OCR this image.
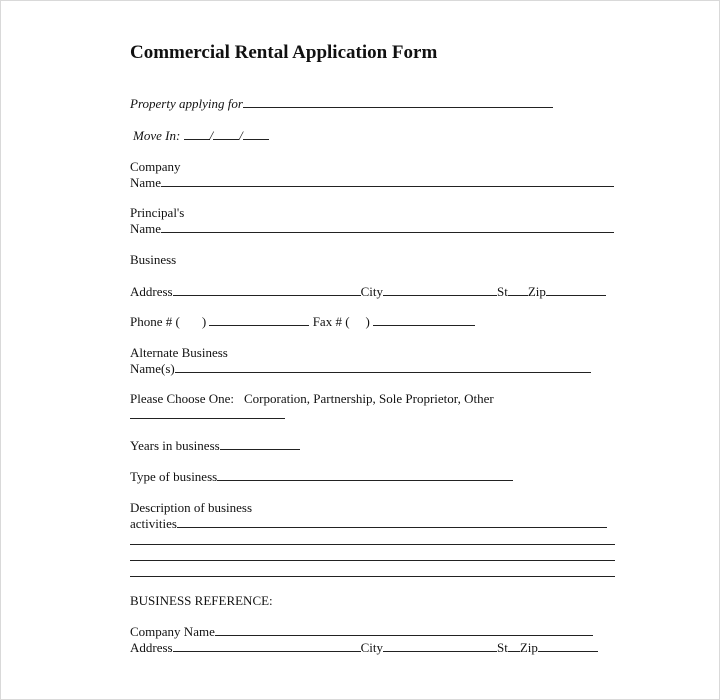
Commercial Rental Application Form
Property applying for
Move In: / /
Company
Name
Principal's
Name
Business
Address	City	St Zip
Phone # ( )	Fax # ( )
Alternate Business
Name(s)
Please Choose One: Corporation, Partnership, Sole Proprietor, Other
Years in business
Type of business
Description of business
activities
BUSINESS REFERENCE:
Company Name
Address	City	St Zip
